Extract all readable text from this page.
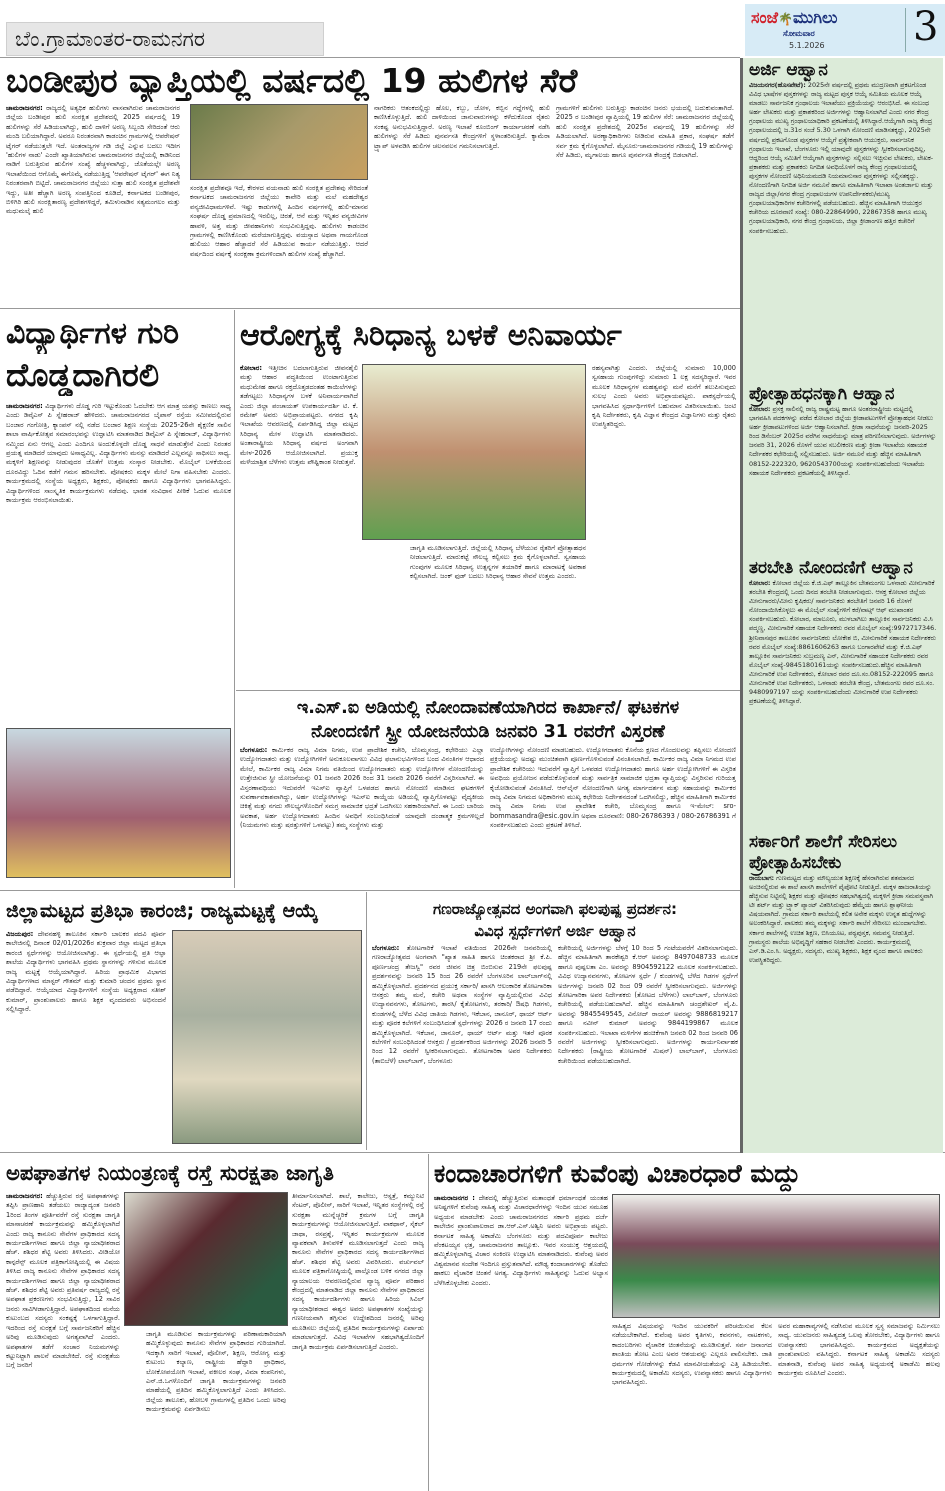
ಬೆಂ.ಗ್ರಾಮಾಂತರ-ರಾಮನಗರ
ಸಂಜೆ🌴ಮುಗಿಲು
ಸೋಮವಾರ
5.1.2026 3
ಬಂಡೀಪುರ ವ್ಯಾಪ್ತಿಯಲ್ಲಿ ವರ್ಷದಲ್ಲಿ 19 ಹುಲಿಗಳ ಸೆರೆ
ಚಾಮರಾಜನಗರ: ರಾಜ್ಯದಲ್ಲಿ ಅತ್ಯಧಿಕ ಹುಲಿಗಳು ವಾಸವಾಗಿರುವ ಚಾಮರಾಜನಗರ ಜಿಲ್ಲೆಯ ಬಂಡೀಪುರ ಹುಲಿ ಸಂರಕ್ಷಿತ ಪ್ರದೇಶದಲ್ಲಿ 2025 ವರ್ಷದಲ್ಲಿ 19 ಹುಲಿಗಳನ್ನು ಸೆರೆ ಹಿಡಿಯಲಾಗಿದ್ದು, ಹುಲಿ ದಾಳಿಗೆ ಅರಣ್ಯ ಸಿಬ್ಬಂದಿ ಸೇರಿದಂತೆ ಆರು ಮಂದಿ ಬಲಿಯಾಗಿದ್ದಾರೆ. ಅವರೂ ನಿರಂತರವಾಗಿ ಕಾಡಂಚಿನ ಗ್ರಾಮಗಳಲ್ಲಿ ಆಪರೇಷನ್ ಟೈಗರ್ ನಡೆಯುತ್ತಲೇ ಇದೆ. ಅಂತರಾಜ್ಯಗಳ ಗಡಿ ಜಿಲ್ಲೆ ಎನ್ನುವ ಬದಲು ಇದೀಗ 'ಹುಲಿಗಳ ನಾಡು' ಎಂದೇ ಖ್ಯಾತಿಯಾಗಿರುವ ಚಾಮರಾಜನಗರ ಜಿಲ್ಲೆಯಲ್ಲಿ ಕಾಡಿನಿಂದ ನಾಡಿಗೆ ಬರುತ್ತಿರುವ ಹುಲಿಗಳ ಸಂಖ್ಯೆ ಹೆಚ್ಚಳವಾಗಿದ್ದು, ಜೊತೆಯಲ್ಲೇ ಅರಣ್ಯ ಇಲಾಖೆಯಿಂದ ಆಗೊಮ್ಮೆ ಈಗೊಮ್ಮೆ ನಡೆಯುತ್ತಿದ್ದ 'ಆಪರೇಷನ್ ಟೈಗರ್' ಈಗ ನಿತ್ಯ ನಿರಂತರವಾಗಿ ಬಿಟ್ಟಿದೆ. ಚಾಮರಾಜನಗರ ಜಿಲ್ಲೆಯು ಸುತ್ತಾ ಹುಲಿ ಸಂರಕ್ಷಿತ ಪ್ರದೇಶವೇ ಇದ್ದು, ಅತೀ ಹೆಚ್ಚಾಗಿ ಅರಣ್ಯ ಸಂಪತ್ತಿನಿಂದ ಕೂಡಿದೆ, ಕರ್ನಾಟಕದ ಬಂಡೀಪುರ, ಬಿಳಿಗಿರಿ ಹುಲಿ ಸಂರಕ್ಷಿತಾರಣ್ಯ ಪ್ರದೇಶಗಳಿದ್ದರೆ, ತಮಿಳುನಾಡಿನ ಸತ್ಯಮಂಗಲಂ ಮತ್ತು ಮಧುಮಲೈ ಹುಲಿ
ಸಂರಕ್ಷಿತ ಪ್ರದೇಶವೂ ಇದೆ, ಕೇರಳದ ವಯನಾಡು ಹುಲಿ ಸಂರಕ್ಷಿತ ಪ್ರದೇಶವು ಸೇರಿದಂತೆ ಕರ್ನಾಟಕದ ಚಾಮರಾಜನಗರ ಜಿಲ್ಲೆಯು ಕಾವೇರಿ ಮತ್ತು ಮಲೆ ಮಹದೇಶ್ವರ ವನ್ಯಜೀವಿಧಾಮಗಳಿವೆ. ಇಷ್ಟು ಕಾಡುಗಳಲ್ಲಿ ಹಿಂದಿನ ವರ್ಷಗಳಲ್ಲಿ ಹುಲಿ-ಮಾನವ ಸಂಘರ್ಷ ದೊಡ್ಡ ಪ್ರಮಾಣದಲ್ಲಿ ಇರಲಿಲ್ಲ, ಚಿರತೆ, ಆನೆ ಮತ್ತು ಇನ್ನಿತರ ವನ್ಯಜೀವಿಗಳ ಹಾವಳಿ, ಅತ್ತ ಮತ್ತು ಜೀವಹಾನಿಗಳು ಸಂಭವಿಸುತ್ತಿದ್ದವು. ಹುಲಿಗಳು ಕಾಡಂಚಿನ ಗ್ರಾಮಗಳಲ್ಲಿ ಕಾಣಿಸಿಕೊಂಡು ಮರೆಯಾಗುತ್ತಿದ್ದವು. ವಯಸ್ಸಾದ ಅಥವಾ ಗಾಯಗೊಂಡ ಹುಲಿಯು ಆಹಾರ ಹೆಚ್ಚಾದರೆ ಸೆರೆ ಹಿಡಿಯುವ ಕಾರ್ಯ ನಡೆಯುತ್ತಿತ್ತು. ಆದರೆ ವರ್ಷದಿಂದ ವರ್ಷಕ್ಕೆ ಸಂರಕ್ಷಣಾ ಕ್ರಮಗಳಿಂದಾಗಿ ಹುಲಿಗಳ ಸಂಖ್ಯೆ ಹೆಚ್ಚಾಗಿದೆ.
ನಾಗರಿಕರು ಆತಂಕದಲ್ಲಿದ್ದು ಹೊಲ, ಕಬ್ಬು, ಜೋಳ, ಕಬ್ಬಿನ ಗದ್ದೆಗಳಲ್ಲಿ ಹುಲಿ ಕಾಣಿಸಿಕೊಳ್ಳುತ್ತಿದೆ. ಹುಲಿ ದಾಳಿಯಿಂದ ಜಾನುವಾರುಗಳನ್ನು ಕಳೆದುಕೊಂಡ ರೈತರು ಸಂಕಷ್ಟ ಅನುಭವಿಸುತ್ತಿದ್ದಾರೆ. ಅರಣ್ಯ ಇಲಾಖೆ ಕೂಂಬಿಂಗ್ ಕಾರ್ಯಾಚರಣೆ ನಡೆಸಿ ಹುಲಿಗಳನ್ನು ಸೆರೆ ಹಿಡಿದು ಪುನರ್ವಸತಿ ಕೇಂದ್ರಗಳಿಗೆ ಸ್ಥಳಾಂತರಿಸುತ್ತಿದೆ. ಕ್ಯಾಮೆರಾ ಟ್ರ್ಯಾಪ್ ಅಳವಡಿಸಿ ಹುಲಿಗಳ ಚಲನವಲನ ಗಮನಿಸಲಾಗುತ್ತಿದೆ.
ಗ್ರಾಮಗಳಿಗೆ ಹುಲಿಗಳು ಬರುತ್ತಿದ್ದು ಕಾಡಂಚಿನ ಜನರು ಭಯದಲ್ಲಿ ಬದುಕುವಂತಾಗಿದೆ. 2025 ರ ಬಂಡೀಪುರ ವ್ಯಾಪ್ತಿಯಲ್ಲಿ 19 ಹುಲಿಗಳ ಸೆರೆ: ಚಾಮರಾಜನಗರ ಜಿಲ್ಲೆಯಲ್ಲಿ ಹುಲಿ ಸಂರಕ್ಷಿತ ಪ್ರದೇಶದಲ್ಲಿ 2025ರ ವರ್ಷದಲ್ಲಿ 19 ಹುಲಿಗಳನ್ನು ಸೆರೆ ಹಿಡಿಯಲಾಗಿದೆ. ಅರಣ್ಯಾಧಿಕಾರಿಗಳು ನೀಡಿರುವ ಮಾಹಿತಿ ಪ್ರಕಾರ, ಸಂಘರ್ಷ ತಡೆಗೆ ಸರ್ವ ಕ್ರಮ ಕೈಗೊಳ್ಳಲಾಗಿದೆ. ಮೈಸೂರು-ಚಾಮರಾಜನಗರ ಗಡಿಯಲ್ಲಿ 19 ಹುಲಿಗಳನ್ನು ಸೆರೆ ಹಿಡಿದು, ಮೃಗಾಲಯ ಹಾಗೂ ಪುನರ್ವಸತಿ ಕೇಂದ್ರಕ್ಕೆ ಬಿಡಲಾಗಿದೆ.
ವಿದ್ಯಾರ್ಥಿಗಳ ಗುರಿ
ದೊಡ್ಡದಾಗಿರಲಿ
ಚಾಮರಾಜನಗರ: ವಿದ್ಯಾರ್ಥಿಗಳು ದೊಡ್ಡ ಗುರಿ ಇಟ್ಟುಕೊಂಡು ಓದಬೇಕು ಆಗ ಮಾತ್ರ ಯಶಸ್ಸು ಕಾಣಲು ಸಾಧ್ಯ ಎಂದು ಡಿವೈಎಸ್ ಪಿ ಸ್ನೇಹರಾಜ್ ಹೇಳಿದರು. ಚಾಮರಾಜನಗರದ ಬೈಪಾಸ್ ರಸ್ತೆಯ ಸಮೀಪದಲ್ಲಿರುವ ಬಂಜಾರ ಗಂಗೋತ್ರಿ, ಕ್ಯಾಂಪಸ್ ನಲ್ಲಿ ನಡೆದ ಬಂಜಾರ ಶಿಕ್ಷಣ ಸಂಸ್ಥೆಯ 2025-26ನೇ ಶೈಕ್ಷಣಿಕ ಸಾಲಿನ ಶಾಲಾ ವಾರ್ಷಿಕೋತ್ಸವ ಸಮಾರಂಭವನ್ನು ಉದ್ಘಾಟಿಸಿ ಮಾತನಾಡಿದ ಡಿವೈಎಸ್ ಪಿ ಸ್ನೇಹರಾಜ್, ವಿದ್ಯಾರ್ಥಿಗಳು ನಮ್ಮಿಂದ ಏನು ಆಗಲ್ಲ ಎಂದು ಎಂದಿಗೂ ಅಂದುಕೊಳ್ಳದೇ ದೊಡ್ಡ ಸಾಧನೆ ಮಾಡುತ್ತೇನೆ ಎಂದು ನಿರಂತರ ಪ್ರಯತ್ನ ಮಾಡಿದರೆ ಯಾವುದು ಅಸಾಧ್ಯವಿಲ್ಲ. ವಿದ್ಯಾರ್ಥಿಗಳು ಮನಸ್ಸು ಮಾಡಿದರೆ ಎಲ್ಲವನ್ನೂ ಸಾಧಿಸಲು ಸಾಧ್ಯ. ಮಕ್ಕಳಿಗೆ ಶಿಕ್ಷಣವನ್ನು ನೀಡುವುದರ ಜೊತೆಗೆ ಉತ್ತಮ ಸಂಸ್ಕಾರ ನೀಡಬೇಕು. ಮೊಬೈಲ್ ಬಳಕೆಯಿಂದ ದೂರವಿದ್ದು ಓದಿನ ಕಡೆಗೆ ಗಮನ ಹರಿಸಬೇಕು. ಪೋಷಕರು ಮಕ್ಕಳ ಮೇಲೆ ನಿಗಾ ವಹಿಸಬೇಕು ಎಂದರು. ಕಾರ್ಯಕ್ರಮದಲ್ಲಿ ಸಂಸ್ಥೆಯ ಅಧ್ಯಕ್ಷರು, ಶಿಕ್ಷಕರು, ಪೋಷಕರು ಹಾಗೂ ವಿದ್ಯಾರ್ಥಿಗಳು ಭಾಗವಹಿಸಿದ್ದರು. ವಿದ್ಯಾರ್ಥಿಗಳಿಂದ ಸಾಂಸ್ಕೃತಿಕ ಕಾರ್ಯಕ್ರಮಗಳು ನಡೆದವು. ಭಾರತ ಸಂವಿಧಾನ ಪೀಠಿಕೆ ಓದುವ ಮೂಲಕ ಕಾರ್ಯಕ್ರಮ ಆರಂಭಿಸಲಾಯಿತು.
ಆರೋಗ್ಯಕ್ಕೆ ಸಿರಿಧಾನ್ಯ ಬಳಕೆ ಅನಿವಾರ್ಯ
ಕೋಲಾರ: ಇತ್ತೀಚಿನ ಬದಲಾಗುತ್ತಿರುವ ಜೀವನಶೈಲಿ ಮತ್ತು ಆಹಾರ ಪದ್ಧತಿಯಿಂದ ಉಂಟಾಗುತ್ತಿರುವ ಮಧುಮೇಹ ಹಾಗೂ ರಕ್ತದೊತ್ತಡದಂತಹ ಕಾಯಿಲೆಗಳನ್ನು ತಡೆಗಟ್ಟಲು ಸಿರಿಧಾನ್ಯಗಳ ಬಳಕೆ ಅನಿವಾರ್ಯವಾಗಿದೆ ಎಂದು ಜಿಲ್ಲಾ ಪಂಚಾಯತ್ ಉಪಕಾರ್ಯದರ್ಶಿ ಟಿ. ಕೆ. ರಮೇಶ್ ಅವರು ಅಭಿಪ್ರಾಯಪಟ್ಟರು. ನಗರದ ಕೃಷಿ ಇಲಾಖೆಯ ಆವರಣದಲ್ಲಿ ಏರ್ಪಡಿಸಿದ್ದ ಜಿಲ್ಲಾ ಮಟ್ಟದ ಸಿರಿಧಾನ್ಯ ಮೇಳ ಉದ್ಘಾಟಿಸಿ ಮಾತನಾಡಿದರು. ಅಂತಾರಾಷ್ಟ್ರೀಯ ಸಿರಿಧಾನ್ಯ ವರ್ಷದ ಅಂಗವಾಗಿ ಮೇಳ-2026 ಆಯೋಜಿಸಲಾಗಿದೆ. ಪ್ರಯುಕ್ತ ಮಳೆಯಾಶ್ರಿತ ಬೆಳೆಗಳು ಉತ್ತಮ ಪೌಷ್ಟಿಕಾಂಶ ನೀಡುತ್ತವೆ.
ಜಾಗೃತಿ ಮೂಡಿಸಲಾಗುತ್ತಿದೆ. ಜಿಲ್ಲೆಯಲ್ಲಿ ಸಿರಿಧಾನ್ಯ ಬೆಳೆಯುವ ರೈತರಿಗೆ ಪ್ರೋತ್ಸಾಹಧನ ನೀಡಲಾಗುತ್ತಿದೆ. ಮಾರುಕಟ್ಟೆ ಸೌಲಭ್ಯ ಕಲ್ಪಿಸಲು ಕ್ರಮ ಕೈಗೊಳ್ಳಲಾಗಿದೆ. ಸ್ವಸಹಾಯ ಗುಂಪುಗಳ ಮೂಲಕ ಸಿರಿಧಾನ್ಯ ಉತ್ಪನ್ನಗಳ ತಯಾರಿಕೆ ಹಾಗೂ ಮಾರಾಟಕ್ಕೆ ಅವಕಾಶ ಕಲ್ಪಿಸಲಾಗಿದೆ. ಜಂಕ್ ಫುಡ್ ಬದಲು ಸಿರಿಧಾನ್ಯ ಆಹಾರ ಸೇವನೆ ಉತ್ತಮ ಎಂದರು.
ರಹಸ್ಯವಾಗಿತ್ತು ಎಂದರು. ಜಿಲ್ಲೆಯಲ್ಲಿ ಸುಮಾರು 10,000 ಸ್ವಸಹಾಯ ಗುಂಪುಗಳಿದ್ದು ಸುಮಾರು 1 ಲಕ್ಷ ಸದಸ್ಯರಿದ್ದಾರೆ. ಇವರ ಮೂಲಕ ಸಿರಿಧಾನ್ಯಗಳ ಮಹತ್ವವನ್ನು ಮನೆ ಮನೆಗೆ ತಲುಪಿಸುವುದು ಸುಲಭ ಎಂದು ಅವರು ಅಭಿಪ್ರಾಯಪಟ್ಟರು. ಪಾಕಸ್ಪರ್ಧೆಯಲ್ಲಿ ಭಾಗವಹಿಸಿದ ಸ್ಪರ್ಧಾರ್ಥಿಗಳಿಗೆ ಬಹುಮಾನ ವಿತರಿಸಲಾಯಿತು. ಜಂಟಿ ಕೃಷಿ ನಿರ್ದೇಶಕರು, ಕೃಷಿ ವಿಜ್ಞಾನ ಕೇಂದ್ರದ ವಿಜ್ಞಾನಿಗಳು ಮತ್ತು ರೈತರು ಉಪಸ್ಥಿತರಿದ್ದರು.
ಇ.ಎಸ್.ಐ ಅಡಿಯಲ್ಲಿ ನೋಂದಾವಣೆಯಾಗಿರದ ಕಾರ್ಖಾನೆ/ ಘಟಕಗಳ
ನೋಂದಣಿಗೆ ಸ್ಪ್ರೀ ಯೋಜನೆಯಡಿ ಜನವರಿ 31 ರವರೆಗೆ ವಿಸ್ತರಣೆ
ಬೆಂಗಳೂರು: ಕಾರ್ಮಿಕರ ರಾಜ್ಯ ವಿಮಾ ನಿಗಮ, ಉಪ ಪ್ರಾದೇಶಿಕ ಕಚೇರಿ, ಬೊಮ್ಮಸಂದ್ರ, ಕಛೇರಿಯು ಎಲ್ಲಾ ಉದ್ಯೋಗದಾತರು ಮತ್ತು ಉದ್ಯೋಗಿಗಳಿಗೆ ಅನುಕೂಲವಾಗಲು ವಿವಿಧ ಫಲಾನುಭವಿಗಳಿಂದ ಬಂದ ವಿನಂತಿಗಳ ಆಧಾರದ ಮೇಲೆ, ಕಾರ್ಮಿಕರ ರಾಜ್ಯ ವಿಮಾ ನಿಗಮ ವತಿಯಿಂದ ಉದ್ಯೋಗದಾತರು ಮತ್ತು ಉದ್ಯೋಗಿಗಳ ನೋಂದಣಿಯನ್ನು ಉತ್ತೇಜಿಸುವ ಸ್ಪ್ರೀ ಯೋಜನೆಯನ್ನು 01 ಜನವರಿ 2026 ರಿಂದ 31 ಜನವರಿ 2026 ರವರೆಗೆ ವಿಸ್ತರಿಸಲಾಗಿದೆ. ಈ ವಿಸ್ತರಣಾವಧಿಯು ಇದುವರೆಗೆ ಇಎಸ್ಐ ವ್ಯಾಪ್ತಿಗೆ ಒಳಪಡದ ಹಾಗೂ ನೋಂದಣಿ ಮಾಡಿಸದ ಘಟಕಗಳಿಗೆ ಸುವರ್ಣಾವಕಾಶವಾಗಿದ್ದು, ಅರ್ಹ ಉದ್ಯೋಗಿಗಳನ್ನು ಇಎಸ್ಐ ಕಾಯ್ದೆಯ ಅಡಿಯಲ್ಲಿ ವ್ಯಾಪ್ತಿಗೊಳಪಟ್ಟು ವೈದ್ಯಕೀಯ ಚಿಕಿತ್ಸೆ ಮತ್ತು ನಗದು ಸೌಲಭ್ಯಗಳೊಂದಿಗೆ ಸಮಗ್ರ ಸಾಮಾಜಿಕ ಭದ್ರತೆ ಒದಗಿಸಲು ಸಹಕಾರಿಯಾಗಿದೆ. ಈ ಒಂದು ಬಾರಿಯ ಅವಕಾಶ, ಅರ್ಹ ಉದ್ಯೋಗದಾತರು ಹಿಂದಿನ ಅವಧಿಗೆ ಸಂಬಂಧಿಸಿದಂತೆ ಯಾವುದೇ ದಂಡಾತ್ಮಕ ಕ್ರಮಗಳಿಲ್ಲದೆ (ನಿಯಮಗಳು ಮತ್ತು ಷರತ್ತುಗಳಿಗೆ ಒಳಪಟ್ಟು) ತಮ್ಮ ಸಂಸ್ಥೆಗಳು ಮತ್ತು
ಉದ್ಯೋಗಿಗಳನ್ನು ನೋಂದಣಿ ಮಾಡಬಹುದು. ಉದ್ಯೋಗದಾತರು ಕೊನೆಯ ಕ್ಷಣದ ಗೊಂದಲವನ್ನು ತಪ್ಪಿಸಲು ನೋಂದಣಿ ಪ್ರಕ್ರಿಯೆಯನ್ನು ಅದಷ್ಟು ಮುಂಚಿತವಾಗಿ ಪೂರ್ಣಗೊಳಿಸುವಂತೆ ವಿನಂತಿಸಲಾಗಿದೆ. ಕಾರ್ಮಿಕರ ರಾಜ್ಯ ವಿಮಾ ನಿಗಮದ ಉಪ ಪ್ರಾದೇಶಿಕ ಕಚೇರಿಯು ಇದುವರೆಗೆ ವ್ಯಾಪ್ತಿಗೆ ಒಳಪಡದ ಉದ್ಯೋಗದಾತರು ಹಾಗೂ ಅರ್ಹ ಉದ್ಯೋಗಿಗಳಿಗೆ ಈ ವಿಸ್ತರಿತ ಅವಧಿಯ ಪ್ರಯೋಜನ ಪಡೆದುಕೊಳ್ಳುವಂತೆ ಮತ್ತು ಸಾರ್ವತ್ರಿಕ ಸಾಮಾಜಿಕ ಭದ್ರತಾ ವ್ಯಾಪ್ತಿಯನ್ನು ವಿಸ್ತರಿಸುವ ಗುರಿಯತ್ತ ಕೈಜೋಡಿಸುವಂತೆ ವಿನಂತಿಸಿದೆ. ಆನ್‌ಲೈನ್ ನೋಂದಣಿಗಾಗಿ ಅಗತ್ಯ ಮಾರ್ಗದರ್ಶನ ಮತ್ತು ಸಹಾಯವನ್ನು ಕಾರ್ಮಿಕರ ರಾಜ್ಯ ವಿಮಾ ನಿಗಮದ ಅಧಿಕಾರಿಗಳು ಮುಖ್ಯ ಕಛೇರಿಯ ನಿರ್ದೇಶನದಂತೆ ಒದಗಿಸಲಿದ್ದು, ಹೆಚ್ಚಿನ ಮಾಹಿತಿಗಾಗಿ ಕಾರ್ಮಿಕರ ರಾಜ್ಯ ವಿಮಾ ನಿಗಮ ಉಪ ಪ್ರಾದೇಶಿಕ ಕಚೇರಿ, ಬೊಮ್ಮಸಂದ್ರ ಹಾಗೂ ಇ-ಮೇಲ್: sro-bommasandra@esic.gov.in ಅಥವಾ ದೂರವಾಣಿ: 080-26786393 / 080-26786391 ಗೆ ಸಂಪರ್ಕಿಸಬಹುದು ಎಂದು ಪ್ರಕಟಣೆ ತಿಳಿಸಿದೆ.
ಜಿಲ್ಲಾಮಟ್ಟದ ಪ್ರತಿಭಾ ಕಾರಂಜಿ; ರಾಜ್ಯಮಟ್ಟಕ್ಕೆ ಆಯ್ಕೆ
ವಿಜಯಪುರ: ದೇವನಹಳ್ಳಿ ತಾಲೂಕಿನ ಸರ್ಕಾರಿ ಬಾಲಕರ ಪದವಿ ಪೂರ್ವ ಕಾಲೇಜಿನಲ್ಲಿ ದಿನಾಂಕ 02/01/2026ರ ಶುಕ್ರವಾರ ಜಿಲ್ಲಾ ಮಟ್ಟದ ಪ್ರತಿಭಾ ಕಾರಂಜಿ ಸ್ಪರ್ಧೆಗಳನ್ನು ಆಯೋಜಿಸಲಾಗಿತ್ತು. ಈ ಸ್ಪರ್ಧೆಯಲ್ಲಿ ಪ್ರತಿ ಆಲ್ಫಾ ಶಾಲೆಯ ವಿದ್ಯಾರ್ಥಿಗಳು ಭಾಗವಹಿಸಿ ಪ್ರಥಮ ಸ್ಥಾನಗಳನ್ನು ಗಳಿಸುವ ಮೂಲಕ ರಾಜ್ಯ ಮಟ್ಟಕ್ಕೆ ಆಯ್ಕೆಯಾಗಿದ್ದಾರೆ. ಹಿರಿಯ ಪ್ರಾಥಮಿಕ ವಿಭಾಗದ ವಿದ್ಯಾರ್ಥಿಗಳಾದ ಮಾಸ್ಟರ್ ಗೌತಮ್ ಮತ್ತು ಕುಮಾರಿ ಚಂದನ ಪ್ರಥಮ ಸ್ಥಾನ ಪಡೆದಿದ್ದಾರೆ. ಆಯ್ಕೆಯಾದ ವಿದ್ಯಾರ್ಥಿಗಳಿಗೆ ಸಂಸ್ಥೆಯ ಅಧ್ಯಕ್ಷರಾದ ಸತೀಶ್ ಕುಮಾರ್, ಪ್ರಾಂಶುಪಾಲರು ಹಾಗೂ ಶಿಕ್ಷಕ ವೃಂದದವರು ಅಭಿನಂದನೆ ಸಲ್ಲಿಸಿದ್ದಾರೆ.
ಗಣರಾಜ್ಯೋತ್ಸವದ ಅಂಗವಾಗಿ ಫಲಪುಷ್ಪ ಪ್ರದರ್ಶನ:
ವಿವಿಧ ಸ್ಪರ್ಧೆಗಳಿಗೆ ಅರ್ಜಿ ಆಹ್ವಾನ
ಬೆಂಗಳೂರು: ತೋಟಗಾರಿಕೆ ಇಲಾಖೆ ವತಿಯಿಂದ 2026ನೇ ಜನವರಿಯಲ್ಲಿ ಗಣರಾಜ್ಯೋತ್ಸವದ ಅಂಗವಾಗಿ "ಖ್ಯಾತ ಸಾಹಿತಿ ಹಾಗೂ ಚಿಂತಕರಾದ ಶ್ರೀ ಕೆ.ಪಿ. ಪೂರ್ಣಚಂದ್ರ ತೇಜಸ್ವಿ" ರವರ ಜೀವನ ಚಿತ್ರ ಬಿಂಬಿಸುವ 219ನೇ ಫಲಪುಷ್ಪ ಪ್ರದರ್ಶನವನ್ನು ಜನವರಿ 15 ರಿಂದ 26 ರವರೆಗೆ ಬೆಂಗಳೂರಿನ ಲಾಲ್‌ಬಾಗ್‌ನಲ್ಲಿ ಹಮ್ಮಿಕೊಳ್ಳಲಾಗಿದೆ. ಪ್ರದರ್ಶನದ ಪ್ರಯುಕ್ತ ಸರ್ಕಾರಿ/ ಖಾಸಗಿ ಆಲಂಕಾರಿಕ ತೋಟಗಾರಿಕಾ ಆಸಕ್ತರು ತಮ್ಮ ಮನೆ, ಕಚೇರಿ ಅಥವಾ ಸಂಸ್ಥೆಗಳ ವ್ಯಾಪ್ತಿಯಲ್ಲಿರುವ ವಿವಿಧ ಉದ್ಯಾನವನಗಳು, ತೋಟಗಳು, ತಾರಸಿ/ ಕೈತೋಟಗಳು, ತರಕಾರಿ/ ಔಷಧಿ ಗಿಡಗಳು, ಕುಂಡಗಳಲ್ಲಿ ಬೆಳೆದ ವಿವಿಧ ಜಾತಿಯ ಗಿಡಗಳು, ಇಕೆಬಾನ, ಜಾನೂರ್, ಥಾಯ್ ಆರ್ಟ್ ಮತ್ತು ಪೂರಕ ಕಲೆಗಳಿಗೆ ಸಂಬಂಧಿಸಿದಂತೆ ಸ್ಪರ್ಧೆಗಳನ್ನು 2026 ರ ಜನವರಿ 17 ರಂದು ಹಮ್ಮಿಕೊಳ್ಳಲಾಗಿದೆ. ಇಕೆಬಾನ, ಜಾನೂರ್, ಥಾಯ್ ಆರ್ಟ್ ಮತ್ತು ಇತರೆ ಪೂರಕ ಕಲೆಗಳಿಗೆ ಸಂಬಂಧಿಸಿದಂತೆ ಆಸಕ್ತರು / ಪ್ರದರ್ಶಕರಿಂದ ಅರ್ಜಿಗಳನ್ನು 2026 ಜನವರಿ 5 ರಿಂದ 12 ರವರೆಗೆ ಸ್ವೀಕರಿಸಲಾಗುವುದು. ತೋಟಗಾರಿಕಾ ಅಪರ ನಿರ್ದೇಶಕರು (ತಾಬಿಬೆಳೆ) ಲಾಲ್‌ಬಾಗ್, ಬೆಂಗಳೂರು
ಕಚೇರಿಯಲ್ಲಿ ಅರ್ಜಿಗಳನ್ನು ಬೆಳಗ್ಗೆ 10 ರಿಂದ 5 ಗಂಟೆಯವರೆಗೆ ವಿತರಿಸಲಾಗುವುದು. ಹೆಚ್ಚಿನ ಮಾಹಿತಿಗಾಗಿ ತಾರಕೇಶ್ವರಿ ಕೆ.ಆರ್ ಅವರನ್ನು 8497048733 ಮೂಲಕ ಹಾಗೂ ಪುಷ್ಪಲತಾ ಎಂ. ಅವರನ್ನು 8904592122 ಮೂಲಕ ಸಂಪರ್ಕಿಸಬಹುದು. ವಿವಿಧ ಉದ್ಯಾನವನಗಳು, ತೋಟಗಳ ಸ್ಪರ್ಧೆ / ಕುಂಡಗಳಲ್ಲಿ ಬೆಳೆದ ಗಿಡಗಳ ಸ್ಪರ್ಧೆಗೆ ಅರ್ಜಿಗಳನ್ನು ಜನವರಿ 02 ರಿಂದ 09 ರವರೆಗೆ ಸ್ವೀಕರಿಸಲಾಗುವುದು. ಅರ್ಜಿಗಳನ್ನು ತೋಟಗಾರಿಕಾ ಅಪರ ನಿರ್ದೇಶಕರು (ತೋಟದ ಬೆಳೆಗಳು) ಲಾಲ್‌ಬಾಗ್, ಬೆಂಗಳೂರು ಕಚೇರಿಯಲ್ಲಿ ಪಡೆಯಬಹುದಾಗಿದೆ. ಹೆಚ್ಚಿನ ಮಾಹಿತಿಗಾಗಿ ಚಂದ್ರಶೇಖರ್ ವೈ.ಪಿ. ಅವರನ್ನು 9845549545, ವಿನೋದ್ ರಾಯರ್ ಅವರನ್ನು 9886819217 ಹಾಗೂ ನವೀನ್ ಕುಮಾರ್ ಅವರನ್ನು 9844199867 ಮೂಲಕ ಸಂಪರ್ಕಿಸಬಹುದು. ಇಲಾಖಾ ಮಳಿಗೆಗಳ ಹಂಚಿಕೆಗಾಗಿ ಜನವರಿ 02 ರಿಂದ ಜನವರಿ 06 ರವರೆಗೆ ಅರ್ಜಿಗಳನ್ನು ಸ್ವೀಕರಿಸಲಾಗುವುದು. ಅರ್ಜಿಗಳನ್ನು ಕಾರ್ಯನಿರ್ವಾಹಕ ನಿರ್ದೇಶಕರು (ರಾಷ್ಟ್ರೀಯ ತೋಟಗಾರಿಕೆ ಮಿಷನ್) ಲಾಲ್‌ಬಾಗ್, ಬೆಂಗಳೂರು ಕಚೇರಿಯಿಂದ ಪಡೆಯಬಹುದಾಗಿದೆ.
ಅಪಘಾತಗಳ ನಿಯಂತ್ರಣಕ್ಕೆ ರಸ್ತೆ ಸುರಕ್ಷತಾ ಜಾಗೃತಿ
ಚಾಮರಾಜನಗರ: ಹೆಚ್ಚುತ್ತಿರುವ ರಸ್ತೆ ಅಪಘಾತಗಳನ್ನು ತಪ್ಪಿಸಿ ಪ್ರಾಣಹಾನಿ ತಡೆಯಲು ರಾಜ್ಯಾದ್ಯಂತ ಜನವರಿ 1ರಿಂದ ತಿಂಗಳ ಪೂರ್ತಿವರೆಗೆ ರಸ್ತೆ ಸುರಕ್ಷತಾ ಜಾಗೃತಿ ಮಾಸಾಚರಣೆ ಕಾರ್ಯಕ್ರಮವನ್ನು ಹಮ್ಮಿಕೊಳ್ಳಲಾಗಿದೆ ಎಂದು ರಾಜ್ಯ ಕಾನೂನು ಸೇವೆಗಳ ಪ್ರಾಧಿಕಾರದ ಸದಸ್ಯ ಕಾರ್ಯದರ್ಶಿಗಳಾದ ಹಾಗೂ ಜಿಲ್ಲಾ ನ್ಯಾಯಾಧೀಶರಾದ ಹೆಚ್. ಶಶಿಧರ ಶೆಟ್ಟಿ ಅವರು ತಿಳಿಸಿದರು. ವೀಡಿಯೋ ಕಾನ್ಫರೆನ್ಸ್ ಮೂಲಕ ಪತ್ರಿಕಾಗೋಷ್ಠಿಯಲ್ಲಿ ಈ ವಿಷಯ ತಿಳಿಸಿದ ರಾಜ್ಯ ಕಾನೂನು ಸೇವೆಗಳ ಪ್ರಾಧಿಕಾರದ ಸದಸ್ಯ ಕಾರ್ಯದರ್ಶಿಗಳಾದ ಹಾಗೂ ಜಿಲ್ಲಾ ನ್ಯಾಯಾಧೀಶರಾದ ಹೆಚ್. ಶಶಿಧರ ಶೆಟ್ಟಿ ಅವರು ಪ್ರತಿವರ್ಷ ರಾಜ್ಯದಲ್ಲಿ ರಸ್ತೆ ಅಪಘಾತ ಪ್ರಕರಣಗಳು ಸಂಭವಿಸುತ್ತಿದ್ದು, 12 ಸಾವಿರ ಜನರು ಸಾವಿಗೀಡಾಗುತ್ತಿದ್ದಾರೆ. ಅಪಘಾತದಿಂದ ಮನೆಯ ಕುಟುಂಬದ ಸದಸ್ಯರು ಸಂಕಷ್ಟಕ್ಕೆ ಒಳಗಾಗುತ್ತಿದ್ದಾರೆ. ಇದರಿಂದ ರಸ್ತೆ ಸುರಕ್ಷತೆ ಬಗ್ಗೆ ಸಾರ್ವಜನಿಕರಿಗೆ ಹೆಚ್ಚಿನ ಅರಿವು ಮೂಡಿಸುವುದು ಅಗತ್ಯವಾಗಿದೆ ಎಂದರು. ಅಪಘಾತಗಳ ತಡೆಗೆ ಸಂಚಾರ ನಿಯಮಗಳನ್ನು ಕಟ್ಟುನಿಟ್ಟಾಗಿ ಪಾಲನೆ ಮಾಡಬೇಕಿದೆ. ರಸ್ತೆ ಸುರಕ್ಷತೆಯ ಬಗ್ಗೆ ಜನರಿಗೆ
ಜಾಗೃತಿ ಮೂಡಿಸುವ ಕಾರ್ಯಕ್ರಮಗಳನ್ನು ಪರಿಣಾಮಕಾರಿಯಾಗಿ ಹಮ್ಮಿಕೊಳ್ಳುವುದು ಕಾನೂನು ಸೇವೆಗಳ ಪ್ರಾಧಿಕಾರದ ಗುರಿಯಾಗಿದೆ. ಇದಕ್ಕಾಗಿ ಸಾರಿಗೆ ಇಲಾಖೆ, ಪೊಲೀಸ್, ಶಿಕ್ಷಣ, ಆರೋಗ್ಯ ಮತ್ತು ಕುಟುಂಬ ಕಲ್ಯಾಣ, ರಾಷ್ಟ್ರೀಯ ಹೆದ್ದಾರಿ ಪ್ರಾಧಿಕಾರ, ಲೋಕೋಪಯೋಗಿ ಇಲಾಖೆ, ವಕೀಲರ ಸಂಘ, ವಿಮಾ ಕಂಪನಿಗಳು, ಎನ್.ಜಿ.ಒಗಳೊಂದಿಗೆ ಜಾಗೃತಿ ಕಾರ್ಯಕ್ರಮಗಳನ್ನು ಜನವರಿ ಮಾಹೆಯಲ್ಲಿ ಪ್ರತಿದಿನ ಹಮ್ಮಿಕೊಳ್ಳಲಾಗುತ್ತಿದೆ ಎಂದು ತಿಳಿಸಿದರು. ಜಿಲ್ಲೆಯ ತಾಲೂಕು, ಹೋಬಳಿ ಗ್ರಾಮಗಳಲ್ಲಿ ಪ್ರತಿದಿನ ಒಂದು ಅರಿವು ಕಾರ್ಯಕ್ರಮವನ್ನು ಏರ್ಪಡಿಸಲು
ತೀರ್ಮಾನಿಸಲಾಗಿದೆ. ಶಾಲೆ, ಕಾಲೇಜು, ಆಸ್ಪತ್ರೆ, ಕಮ್ಯುನಿಟಿ ಸೆಂಟರ್, ಪೊಲೀಸ್, ಸಾರಿಗೆ ಇಲಾಖೆ, ಇನ್ನಿತರ ಸಂಸ್ಥೆಗಳಲ್ಲಿ ರಸ್ತೆ ಸುರಕ್ಷತಾ ಮುನ್ನೆಚ್ಚರಿಕೆ ಕ್ರಮಗಳ ಬಗ್ಗೆ ಜಾಗೃತಿ ಕಾರ್ಯಕ್ರಮಗಳನ್ನು ಆಯೋಜಿಸಲಾಗುತ್ತಿದೆ. ವಾಕಥಾನ್, ಸೈಕಲ್ ಜಾಥಾ, ರಸಪ್ರಶ್ನೆ, ಇನ್ನಿತರ ಕಾರ್ಯಕ್ರಮಗಳ ಮೂಲಕ ವ್ಯಾಪಕವಾಗಿ ತಿಳುವಳಿಕೆ ಮೂಡಿಸಲಾಗುತ್ತದೆ ಎಂದು ರಾಜ್ಯ ಕಾನೂನು ಸೇವೆಗಳ ಪ್ರಾಧಿಕಾರದ ಸದಸ್ಯ ಕಾರ್ಯದರ್ಶಿಗಳಾದ ಹೆಚ್. ಶಶಿಧರ ಶೆಟ್ಟಿ ಅವರು ವಿವರಿಸಿದರು. ವರ್ಚುವಲ್ ಮೂಲಕ ಪತ್ರಿಕಾಗೋಷ್ಠಿಯಲ್ಲಿ ಪಾಲ್ಗೊಂಡ ಬಳಿಕ ನಗರದ ಜಿಲ್ಲಾ ನ್ಯಾಯಾಲಯ ಆವರಣದಲ್ಲಿರುವ ವ್ಯಾಜ್ಯ ಪೂರ್ವ ಪರಿಹಾರ ಕೇಂದ್ರದಲ್ಲಿ ಮಾತನಾಡಿದ ಜಿಲ್ಲಾ ಕಾನೂನು ಸೇವೆಗಳ ಪ್ರಾಧಿಕಾರದ ಸದಸ್ಯ ಕಾರ್ಯದರ್ಶಿಗಳು ಹಾಗೂ ಹಿರಿಯ ಸಿವಿಲ್ ನ್ಯಾಯಾಧೀಶರಾದ ಈಶ್ವರ ಅವರು ಅಪಘಾತಗಳ ಸಂಖ್ಯೆಯನ್ನು ಗಣನೀಯವಾಗಿ ತಗ್ಗಿಸುವ ಉದ್ದೇಶದಿಂದ ಜನರಲ್ಲಿ ಅರಿವು ಮೂಡಿಸಲು ಜಿಲ್ಲೆಯಲ್ಲಿ ಪ್ರತಿದಿನ ಕಾರ್ಯಕ್ರಮಗಳನ್ನು ಏರ್ಪಾಡು ಮಾಡಲಾಗುತ್ತದೆ. ವಿವಿಧ ಇಲಾಖೆಗಳ ಸಹಭಾಗಿತ್ವದೊಂದಿಗೆ ಜಾಗೃತಿ ಕಾರ್ಯಕ್ರಮ ಏರ್ಪಡಿಸಲಾಗುತ್ತಿದೆ ಎಂದರು.
ಕಂದಾಚಾರಗಳಿಗೆ ಕುವೆಂಪು ವಿಚಾರಧಾರೆ ಮದ್ದು
ಚಾಮರಾಜನಗರ : ದೇಶದಲ್ಲಿ ಹೆಚ್ಚುತ್ತಿರುವ ಮತಾಂಧತೆ ಧರ್ಮಾಂಧತೆ ಯಂತಹ ಅನಿಷ್ಟಗಳಿಗೆ ಕುವೆಂಪು ಸಾಹಿತ್ಯ ಮತ್ತು ವಿಚಾರಧಾರೆಗಳನ್ನು ಇಂದಿನ ಯುವ ಸಮೂಹ ಅಧ್ಯಯನ ಮಾಡಬೇಕು ಎಂದು ಚಾಮರಾಜನಗರದ ಸರ್ಕಾರಿ ಪ್ರಥಮ ದರ್ಜೆ ಕಾಲೇಜಿನ ಪ್ರಾಂಶುಪಾಲರಾದ ಡಾ.ಆರ್.ಎಸ್.ಅಶ್ವಿನಿ ಅವರು ಅಭಿಪ್ರಾಯ ಪಟ್ಟರು. ಕರ್ನಾಟಕ ಸಾಹಿತ್ಯ ಅಕಾಡೆಮಿ ಬೆಂಗಳೂರು ಮತ್ತು ಪದವಿಪೂರ್ವ ಕಾಲೇಜು ವೆಂಕಟಯ್ಯನ ಛತ್ರ, ಚಾಮರಾಜನಗರ ತಾಲ್ಲೂಕು. ಇವರ ಸಂಯುಕ್ತ ಆಶ್ರಯದಲ್ಲಿ ಹಮ್ಮಿಕೊಳ್ಳಲಾಗಿದ್ದ ವಿಚಾರ ಸಂಕಿರಣ ಉದ್ಘಾಟಿಸಿ ಮಾತನಾಡಿದರು. ಕುವೆಂಪು ಅವರ ವಿಶ್ವಮಾನವ ಸಂದೇಶ ಇಂದಿಗೂ ಪ್ರಸ್ತುತವಾಗಿದೆ. ಮೌಢ್ಯ ಕಂದಾಚಾರಗಳನ್ನು ತೊಡೆದು ಹಾಕಲು ವೈಚಾರಿಕ ಚಿಂತನೆ ಅಗತ್ಯ. ವಿದ್ಯಾರ್ಥಿಗಳು ಸಾಹಿತ್ಯವನ್ನು ಓದುವ ಅಭ್ಯಾಸ ಬೆಳೆಸಿಕೊಳ್ಳಬೇಕು ಎಂದರು.
ಸಾಹಿತ್ಯದ ವಿಷಯವನ್ನು ಇಂದಿನ ಯುವಕರಿಗೆ ಪರಿಚಯಿಸುವ ಕೆಲಸ ನಡೆಯಬೇಕಾಗಿದೆ. ಕುವೆಂಪು ಅವರ ಕೃತಿಗಳು, ಕವನಗಳು, ನಾಟಕಗಳು, ಕಾದಂಬರಿಗಳು ವೈಚಾರಿಕ ಚಿಂತನೆಯನ್ನು ಮೂಡಿಸುತ್ತವೆ. ಸರ್ವ ಜನಾಂಗದ ಶಾಂತಿಯ ತೋಟ ಎಂಬ ಅವರ ಆಶಯವನ್ನು ಎಲ್ಲರೂ ಪಾಲಿಸಬೇಕು. ಜಾತಿ ಧರ್ಮಗಳ ಗೋಡೆಗಳನ್ನು ಕೆಡವಿ ಮಾನವೀಯತೆಯನ್ನು ಎತ್ತಿ ಹಿಡಿಯಬೇಕು. ಕಾರ್ಯಕ್ರಮದಲ್ಲಿ ಅಕಾಡೆಮಿ ಸದಸ್ಯರು, ಉಪನ್ಯಾಸಕರು ಹಾಗೂ ವಿದ್ಯಾರ್ಥಿಗಳು ಭಾಗವಹಿಸಿದ್ದರು.
ಅವರ ಮಹಾಕಾವ್ಯಗಳಲ್ಲಿ ನಡೆಸಿರುವ ಮೂಲಕ ಸ್ವಸ್ಥ ಸಮಾಜವನ್ನು ನಿರ್ಮಿಸಲು ಸಾಧ್ಯ. ಯುವಜನರು ಸಾಹಿತ್ಯದತ್ತ ಒಲವು ತೋರಬೇಕು, ವಿದ್ಯಾರ್ಥಿಗಳು ಹಾಗೂ ಉಪನ್ಯಾಸಕರು ಭಾಗವಹಿಸಿದ್ದರು. ಕಾರ್ಯಕ್ರಮದ ಅಧ್ಯಕ್ಷತೆಯನ್ನು ಪ್ರಾಂಶುಪಾಲರು ವಹಿಸಿದ್ದರು. ಕರ್ನಾಟಕ ಸಾಹಿತ್ಯ ಅಕಾಡೆಮಿ ಸದಸ್ಯರು ಮಾತನಾಡಿ, ಕುವೆಂಪು ಅವರ ಸಾಹಿತ್ಯ ಅಧ್ಯಯನಕ್ಕೆ ಅಕಾಡೆಮಿ ಹಲವು ಕಾರ್ಯಕ್ರಮ ರೂಪಿಸಿದೆ ಎಂದರು.
ಅರ್ಜಿ ಆಹ್ವಾನ
ವಿಜಯನಗರ(ಹೊಸಪೇಟೆ): 2025ನೇ ವರ್ಷದಲ್ಲಿ ಪ್ರಥಮ ಮುದ್ರಣವಾಗಿ ಪ್ರಕಟಗೊಂಡ ವಿವಿಧ ಭಾಷೆಗಳ ಪುಸ್ತಕಗಳನ್ನು ರಾಜ್ಯ ಮಟ್ಟದ ಪುಸ್ತಕ ಆಯ್ಕೆ ಸಮಿತಿಯ ಮೂಲಕ ಆಯ್ಕೆ ಮಾಡಲು ಸಾರ್ವಜನಿಕ ಗ್ರಂಥಾಲಯ ಇಲಾಖೆಯು ಪ್ರಕ್ರಿಯೆಯನ್ನು ಆರಂಭಿಸಿದೆ. ಈ ಸಂಬಂಧ ಅರ್ಹ ಲೇಖಕರು ಮತ್ತು ಪ್ರಕಾಶಕರಿಂದ ಅರ್ಜಿಗಳನ್ನು ಆಹ್ವಾನಿಸಲಾಗಿದೆ ಎಂದು ನಗರ ಕೇಂದ್ರ ಗ್ರಂಥಾಲಯ ಮುಖ್ಯ ಗ್ರಂಥಾಲಯಾಧಿಕಾರಿ ಪ್ರಕಟಣೆಯಲ್ಲಿ ತಿಳಿಸಿದ್ದಾರೆ.ಆಯ್ಕೆಗಾಗಿ ರಾಜ್ಯ ಕೇಂದ್ರ ಗ್ರಂಥಾಲಯದಲ್ಲಿ ಜ.31ರ ಸಂಜೆ 5.30 ಒಳಗಾಗಿ ನೋಂದಣಿ ಮಾಡಿಸತಕ್ಕದ್ದು, 2025ನೇ ವರ್ಷದಲ್ಲಿ ಪ್ರಕಟಗೊಂಡ ಪುಸ್ತಕಗಳ ಆಯ್ಕೆಗೆ ಪ್ರತ್ಯೇಕವಾಗಿ ಆಯುಕ್ತರು, ಸಾರ್ವಜನಿಕ ಗ್ರಂಥಾಲಯ ಇಲಾಖೆ, ಬೆಂಗಳೂರು ಇಲ್ಲಿ ಯಾವುದೇ ಪುಸ್ತಕಗಳನ್ನು ಸ್ವೀಕರಿಸಲಾಗುವುದಿಲ್ಲ, ಆದ್ದರಿಂದ ಆಯ್ಕೆ ಸಮಿತಿಗೆ ಆಯ್ಕೆಗಾಗಿ ಪುಸ್ತಕಗಳನ್ನು ಸಲ್ಲಿಸಲು ಇಚ್ಛಿಸುವ ಲೇಖಕರು, ಲೇಖಕ-ಪ್ರಕಾಶಕರು ಮತ್ತು ಪ್ರಕಾಶಕರು ನಿಗದಿತ ಅವಧಿಯೊಳಗೆ ರಾಜ್ಯ ಕೇಂದ್ರ ಗ್ರಂಥಾಲಯದಲ್ಲಿ ಪುಸ್ತಕಗಳ ನೋಂದಣಿ ಅಧಿನಿಯಮದಡಿ ನಿಯಮಾನುಸಾರ ಪುಸ್ತಕಗಳನ್ನು ಸಲ್ಲಿಸತಕ್ಕದ್ದು. ನೋಂದಣಿಗಾಗಿ ನಿಗದಿತ ಅರ್ಜಿ ನಮೂನೆ ಹಾಗೂ ಮಾಹಿತಿಗಾಗಿ ಇಲಾಖಾ ಅಂತರ್ಜಾಲ ಮತ್ತು ರಾಜ್ಯದ ಜಿಲ್ಲಾ/ನಗರ ಕೇಂದ್ರ ಗ್ರಂಥಾಲಯಗಳ ಉಪನಿರ್ದೇಶಕರು/ಮುಖ್ಯ ಗ್ರಂಥಾಲಯಾಧಿಕಾರಿಗಳ ಕಚೇರಿಗಳಲ್ಲಿ ಪಡೆಯಬಹುದು. ಹೆಚ್ಚಿನ ಮಾಹಿತಿಗಾಗಿ ಆಯುಕ್ತರ ಕಚೇರಿಯ ದೂರವಾಣಿ ಸಂಖ್ಯೆ: 080-22864990, 22867358 ಹಾಗೂ ಮುಖ್ಯ ಗ್ರಂಥಾಲಯಾಧಿಕಾರಿ, ನಗರ ಕೇಂದ್ರ ಗ್ರಂಥಾಲಯ, ಜಿಲ್ಲಾ ಕ್ರೀಡಾಂಗಣ ಹತ್ತಿರ ಕಚೇರಿಗೆ ಸಂಪರ್ಕಿಸಬಹುದು.
ಪ್ರೋತ್ಸಾಹಧನಕ್ಕಾಗಿ ಆಹ್ವಾನ
ಕೋಲಾರ: ಪ್ರಸಕ್ತ ಸಾಲಿನಲ್ಲಿ ರಾಜ್ಯ ರಾಷ್ಟ್ರಮಟ್ಟ ಹಾಗೂ ಅಂತರರಾಷ್ಟ್ರೀಯ ಮಟ್ಟದಲ್ಲಿ ಭಾಗವಹಿಸಿ ಪದಕಗಳನ್ನು ಪಡೆದ ಕೋಲಾರ ಜಿಲ್ಲೆಯ ಕ್ರೀಡಾಪಟುಗಳಿಗೆ ಪ್ರೋತ್ಸಾಹಧನ ನೀಡಲು ಅರ್ಹ ಕ್ರೀಡಾಪಟುಗಳಿಂದ ಅರ್ಜಿ ಆಹ್ವಾನಿಸಲಾಗಿದೆ. ಕ್ರೀಡಾ ಸಾಧನೆಯನ್ನು ಜನವರಿ-2025 ರಿಂದ ಡಿಸೆಂಬರ್ 2025ರ ವರೆಗಿನ ಸಾಧನೆಯನ್ನು ಮಾತ್ರ ಪರಿಗಣಿಸಲಾಗುವುದು. ಅರ್ಜಿಗಳನ್ನು ಜನವರಿ 31, 2026 ರೊಳಗೆ ಯುವ ಸಬಲೀಕರಣ ಮತ್ತು ಕ್ರೀಡಾ ಇಲಾಖೆಯ ಸಹಾಯಕ ನಿರ್ದೇಶಕರ ಕಛೇರಿಯಲ್ಲಿ ಸಲ್ಲಿಸಬಹುದು. ಅರ್ಜಿ ನಮೂನೆ ಮತ್ತು ಹೆಚ್ಚಿನ ಮಾಹಿತಿಗಾಗಿ 08152-222320, 9620543700ಯನ್ನು ಸಂಪರ್ಕಿಸಬಹುದೆಂದು ಇಲಾಖೆಯ ಸಹಾಯಕ ನಿರ್ದೇಶಕರು ಪ್ರಕಟಣೆಯಲ್ಲಿ ತಿಳಿಸಿದ್ದಾರೆ.
ತರಬೇತಿ ನೋಂದಣಿಗೆ ಆಹ್ವಾನ
ಕೋಲಾರ: ಕೋಲಾರ ಜಿಲ್ಲೆಯ ಕೆ.ಜಿ.ಎಫ್ ತಾಲ್ಲೂಕಿನ ಬೇತಮಂಗಲ ಒಳನಾಡು ಮೀನುಗಾರಿಕೆ ತರಬೇತಿ ಕೇಂದ್ರದಲ್ಲಿ ಒಂದು ದಿನದ ತರಬೇತಿ ನೀಡಲಾಗುವುದು. ಆಸಕ್ತ ಕೋಲಾರ ಜಿಲ್ಲೆಯ ಮೀನುಗಾರರು/ಮೀನು ಕೃಷಿಕರು/ ಸಾರ್ವಜನಿಕರು ತರಬೇತಿಗೆ ಜನವರಿ 16 ರೊಳಗೆ ನೋಂದಾಯಿಸಿಕೊಳ್ಳಲು ಈ ಮೊಬೈಲ್ ಸಂಖ್ಯೆಗಳಿಗೆ ಕರೆ/ವಾಟ್ಸ್ ಆಫ್ ಮುಖಾಂತರ ಸಂಪರ್ಕಿಸಬಹುದು. ಕೋಲಾರ, ಮಾಲೂರು, ಮುಳಬಾಗಿಲು ತಾಲ್ಲೂಕಿನ ಸಾರ್ವಜನಿಕರು ವಿ.ಸಿ ಪದ್ಮಣ್ಣ, ಮೀನುಗಾರಿಕೆ ಸಹಾಯಕ ನಿರ್ದೇಶಕರು ರವರ ಮೊಬೈಲ್ ಸಂಖ್ಯೆ:9972717346. ಶ್ರೀನಿವಾಸಪುರ ತಾಲೂಕಿನ ಸಾರ್ವಜನಿಕರು ಲೋಕೇಶ ಬಿ, ಮೀನುಗಾರಿಕೆ ಸಹಾಯಕ ನಿರ್ದೇಶಕರು ರವರ ಮೊಬೈಲ್ ಸಂಖ್ಯೆ:8861606263 ಹಾಗೂ ಬಂಗಾರಪೇಟೆ ಮತ್ತು ಕೆ.ಜಿ.ಎಫ್ ತಾಲ್ಲೂಕಿನ ಸಾರ್ವಜನಿಕರು ಸುಬ್ರಮಣ್ಯ ಎನ್, ಮೀನುಗಾರಿಕೆ ಸಹಾಯಕ ನಿರ್ದೇಶಕರು ರವರ ಮೊಬೈಲ್ ಸಂಖ್ಯೆ-9845180161ಯನ್ನು ಸಂಪರ್ಕಿಸಬಹುದು.ಹೆಚ್ಚಿನ ಮಾಹಿತಿಗಾಗಿ ಮೀನುಗಾರಿಕೆ ಉಪ ನಿರ್ದೇಶಕರು, ಕೋಲಾರ ರವರ ದೂ.ಸಂ.08152-222095 ಹಾಗೂ ಮೀನುಗಾರಿಕೆ ಉಪ ನಿರ್ದೇಶಕರು, ಒಳನಾಡು ತರಬೇತಿ ಕೇಂದ್ರ, ಬೇತಮಂಗಲ ರವರ ದೂ.ಸಂ. 9480997197 ಯನ್ನು ಸಂಪರ್ಕಿಸಬಹುದೆಂದು ಮೀನುಗಾರಿಕೆ ಉಪ ನಿರ್ದೇಶಕರು ಪ್ರಕಟಣೆಯಲ್ಲಿ ತಿಳಿಸಿದ್ದಾರೆ.
ಸರ್ಕಾರಿಗೆ ಶಾಲೆಗೆ ಸೇರಿಸಲು ಪ್ರೋತ್ಸಾಹಿಸಬೇಕು
ರಾಯಬಾಗ: ಗುಣಮಟ್ಟದ ಮತ್ತು ಮೌಲ್ಯಯುತ ಶಿಕ್ಷಣಕ್ಕೆ ಹೆಸರಾಗಿರುವ ಶತಮಾನದ ಅಂಚಿನಲ್ಲಿರುವ ಈ ಶಾಲೆ ಖಾಸಗಿ ಶಾಲೆಗಳಿಗೆ ಪೈಪೋಟಿ ನೀಡುತ್ತಿದೆ. ಮಕ್ಕಳ ಹಾಜರಾತಿಯನ್ನು ಹೆಚ್ಚಿಸುವ ನಿಟ್ಟಿನಲ್ಲಿ ಶಿಕ್ಷಕರ ಮತ್ತು ಪೋಷಕರ ಸಹಭಾಗಿತ್ವದಲ್ಲಿ ಮಕ್ಕಳಿಗೆ ಕ್ರೀಡಾ ಸಮವಸ್ತ್ರವಾಗಿ ಟೀ ಶರ್ಟ್ ಮತ್ತು ಟ್ರ್ಯಾಕ್ ಪ್ಯಾಂಟ್ ವಿತರಿಸಿರುವುದು ಹೆಮ್ಮೆಯ ಹಾಗೂ ಶ್ಲಾಘನೀಯ ವಿಷಯವಾಗಿದೆ. ಗ್ರಾಮದ ಸರ್ಕಾರಿ ಶಾಲೆಯಲ್ಲಿ ಕಲಿತ ಅನೇಕ ಮಕ್ಕಳು ಉನ್ನತ ಹುದ್ದೆಗಳನ್ನು ಅಲಂಕರಿಸಿದ್ದಾರೆ. ಪಾಲಕರು ತಮ್ಮ ಮಕ್ಕಳನ್ನು ಸರ್ಕಾರಿ ಶಾಲೆಗೆ ಸೇರಿಸಲು ಮುಂದಾಗಬೇಕು. ಸರ್ಕಾರ ಶಾಲೆಗಳಲ್ಲಿ ಉಚಿತ ಶಿಕ್ಷಣ, ಬಿಸಿಯೂಟ, ಪಠ್ಯಪುಸ್ತಕ, ಸಮವಸ್ತ್ರ ನೀಡುತ್ತಿದೆ. ಗ್ರಾಮಸ್ಥರು ಶಾಲೆಯ ಅಭಿವೃದ್ಧಿಗೆ ಸಹಕಾರ ನೀಡಬೇಕು ಎಂದರು. ಕಾರ್ಯಕ್ರಮದಲ್ಲಿ ಎಸ್.ಡಿ.ಎಂ.ಸಿ. ಅಧ್ಯಕ್ಷರು, ಸದಸ್ಯರು, ಮುಖ್ಯ ಶಿಕ್ಷಕರು, ಶಿಕ್ಷಕ ವೃಂದ ಹಾಗೂ ಪಾಲಕರು ಉಪಸ್ಥಿತರಿದ್ದರು.
